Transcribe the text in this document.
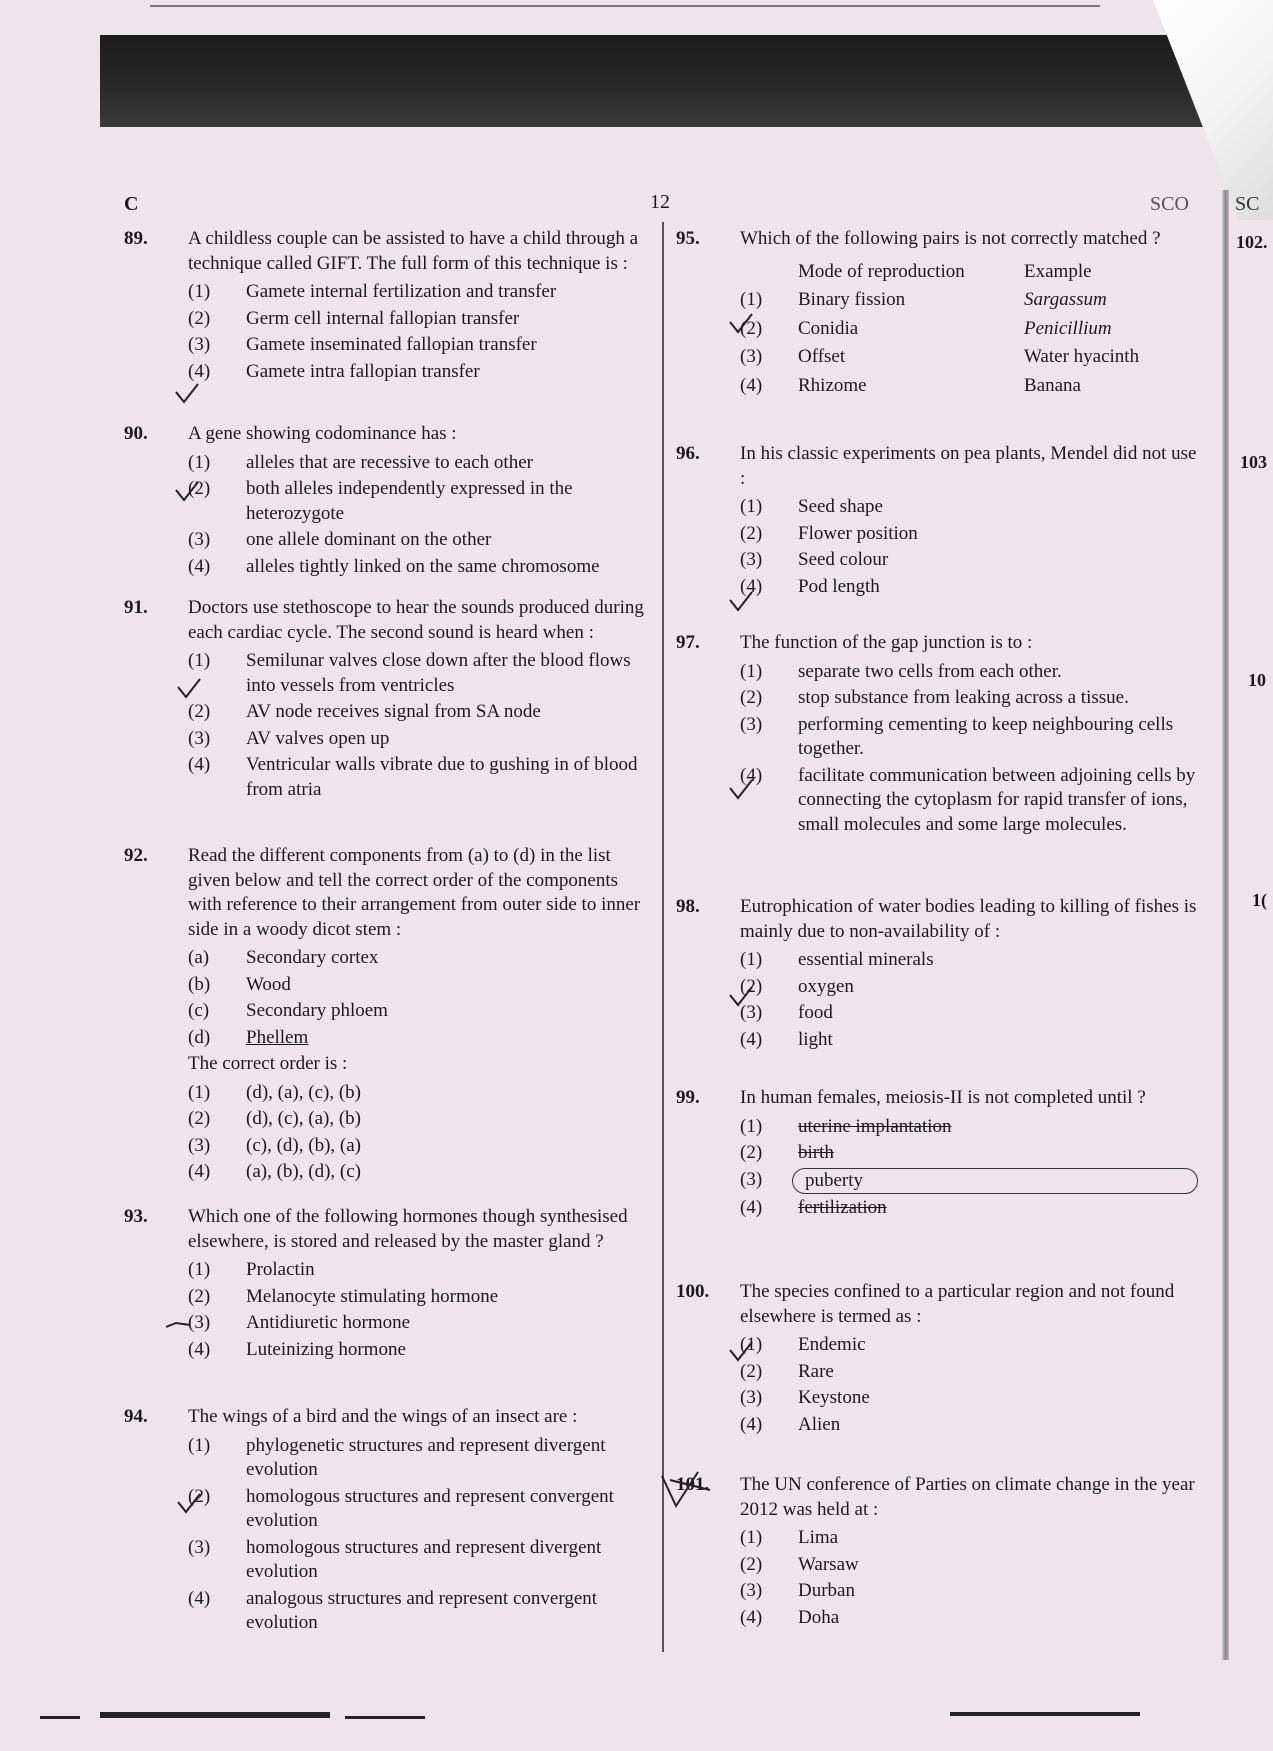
C	12	SCO SC
102.
103
10
1(
89. A childless couple can be assisted to have a child through a technique called GIFT. The full form of this technique is :
(1)	Gamete internal fertilization and transfer
(2)	Germ cell internal fallopian transfer
(3)	Gamete inseminated fallopian transfer
(4)	Gamete intra fallopian transfer
90. A gene showing codominance has :
(1)	alleles that are recessive to each other
(2)	both alleles independently expressed in the heterozygote
(3)	one allele dominant on the other
(4)	alleles tightly linked on the same chromosome
91. Doctors use stethoscope to hear the sounds produced during each cardiac cycle. The second sound is heard when :
(1)	Semilunar valves close down after the blood flows into vessels from ventricles
(2)	AV node receives signal from SA node
(3)	AV valves open up
(4)	Ventricular walls vibrate due to gushing in of blood from atria
92. Read the different components from (a) to (d) in the list given below and tell the correct order of the components with reference to their arrangement from outer side to inner side in a woody dicot stem :
(a)	Secondary cortex
(b)	Wood
(c)	Secondary phloem
(d)	Phellem
The correct order is :
(1)	(d), (a), (c), (b)
(2)	(d), (c), (a), (b)
(3)	(c), (d), (b), (a)
(4)	(a), (b), (d), (c)
93. Which one of the following hormones though synthesised elsewhere, is stored and released by the master gland ?
(1)	Prolactin
(2)	Melanocyte stimulating hormone
(3)	Antidiuretic hormone
(4)	Luteinizing hormone
94. The wings of a bird and the wings of an insect are :
(1)	phylogenetic structures and represent divergent evolution
(2)	homologous structures and represent convergent evolution
(3)	homologous structures and represent divergent evolution
(4)	analogous structures and represent convergent evolution
95. Which of the following pairs is not correctly matched ?
	Mode of reproduction	Example
(1)	Binary fission	Sargassum
(2)	Conidia	Penicillium
(3)	Offset	Water hyacinth
(4)	Rhizome	Banana
96. In his classic experiments on pea plants, Mendel did not use :
(1)	Seed shape
(2)	Flower position
(3)	Seed colour
(4)	Pod length
97. The function of the gap junction is to :
(1)	separate two cells from each other.
(2)	stop substance from leaking across a tissue.
(3)	performing cementing to keep neighbouring cells together.
(4)	facilitate communication between adjoining cells by connecting the cytoplasm for rapid transfer of ions, small molecules and some large molecules.
98. Eutrophication of water bodies leading to killing of fishes is mainly due to non-availability of :
(1)	essential minerals
(2)	oxygen
(3)	food
(4)	light
99. In human females, meiosis-II is not completed until ?
(1)	uterine implantation
(2)	birth
(3)	puberty
(4)	fertilization
100. The species confined to a particular region and not found elsewhere is termed as :
(1)	Endemic
(2)	Rare
(3)	Keystone
(4)	Alien
101. The UN conference of Parties on climate change in the year 2012 was held at :
(1)	Lima
(2)	Warsaw
(3)	Durban
(4)	Doha
